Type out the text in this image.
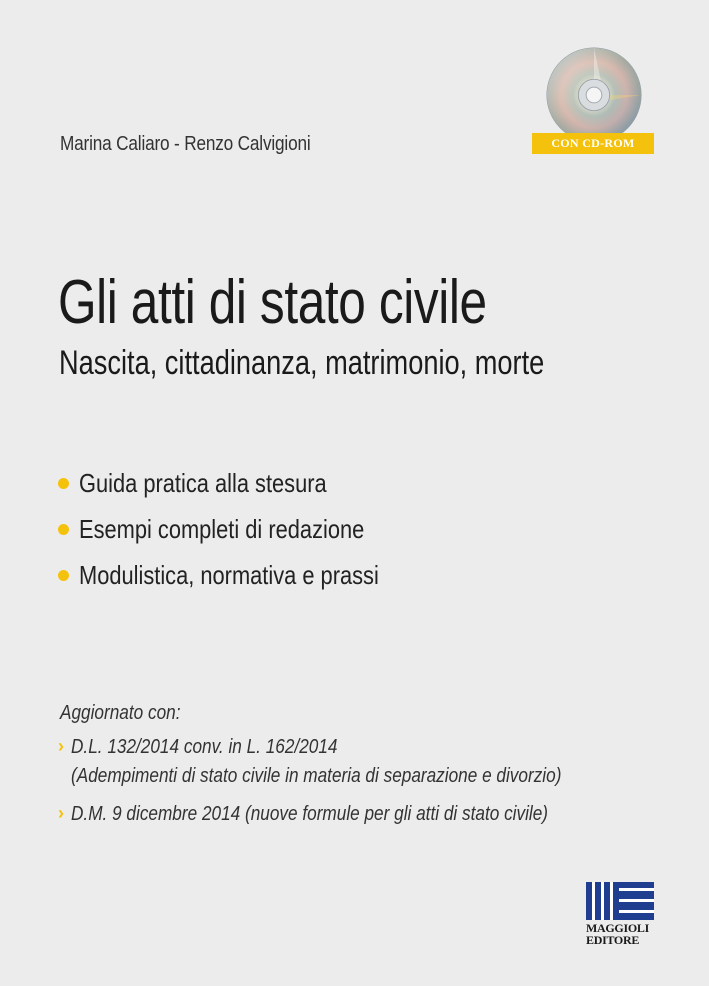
Marina Caliaro - Renzo Calvigioni	CON CD-ROM
Gli atti di stato civile
Nascita, cittadinanza, matrimonio, morte
Guida pratica alla stesura
Esempi completi di redazione
Modulistica, normativa e prassi
Aggiornato con:
› D.L. 132/2014 conv. in L. 162/2014
(Adempimenti di stato civile in materia di separazione e divorzio)
› D.M. 9 dicembre 2014 (nuove formule per gli atti di stato civile)
MAGGIOLI
EDITORE
